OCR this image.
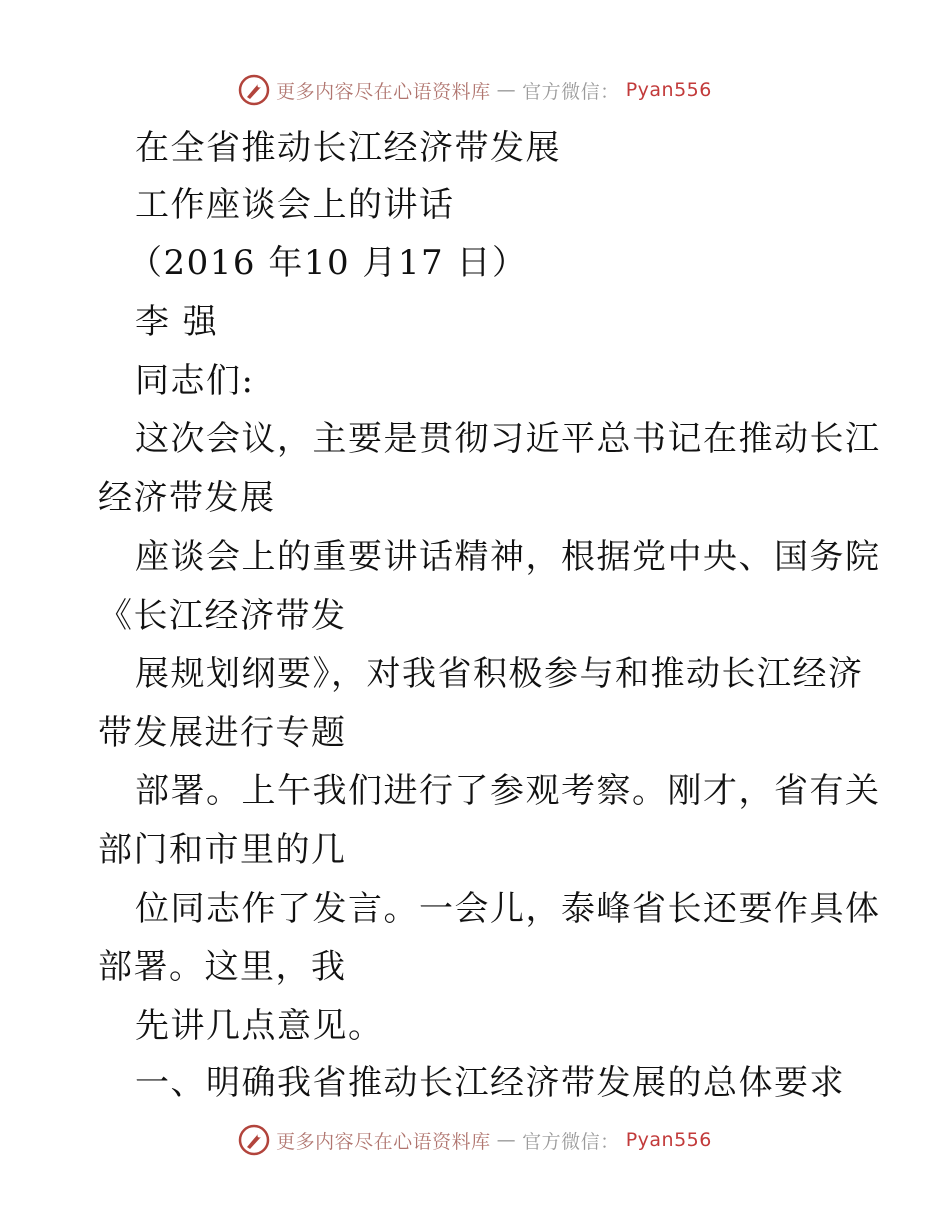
更多内容尽在心语资料库 — 官方微信： Pyan556
在全省推动长江经济带发展
工作座谈会上的讲话
（2016 年10 月17 日）
李 强
同志们:
这次会议，主要是贯彻习近平总书记在推动长江
经济带发展
座谈会上的重要讲话精神，根据党中央、国务院
《长江经济带发
展规划纲要》，对我省积极参与和推动长江经济
带发展进行专题
部署。上午我们进行了参观考察。刚才，省有关
部门和市里的几
位同志作了发言。一会儿，泰峰省长还要作具体
部署。这里，我
先讲几点意见。
一、明确我省推动长江经济带发展的总体要求
更多内容尽在心语资料库 — 官方微信： Pyan556
